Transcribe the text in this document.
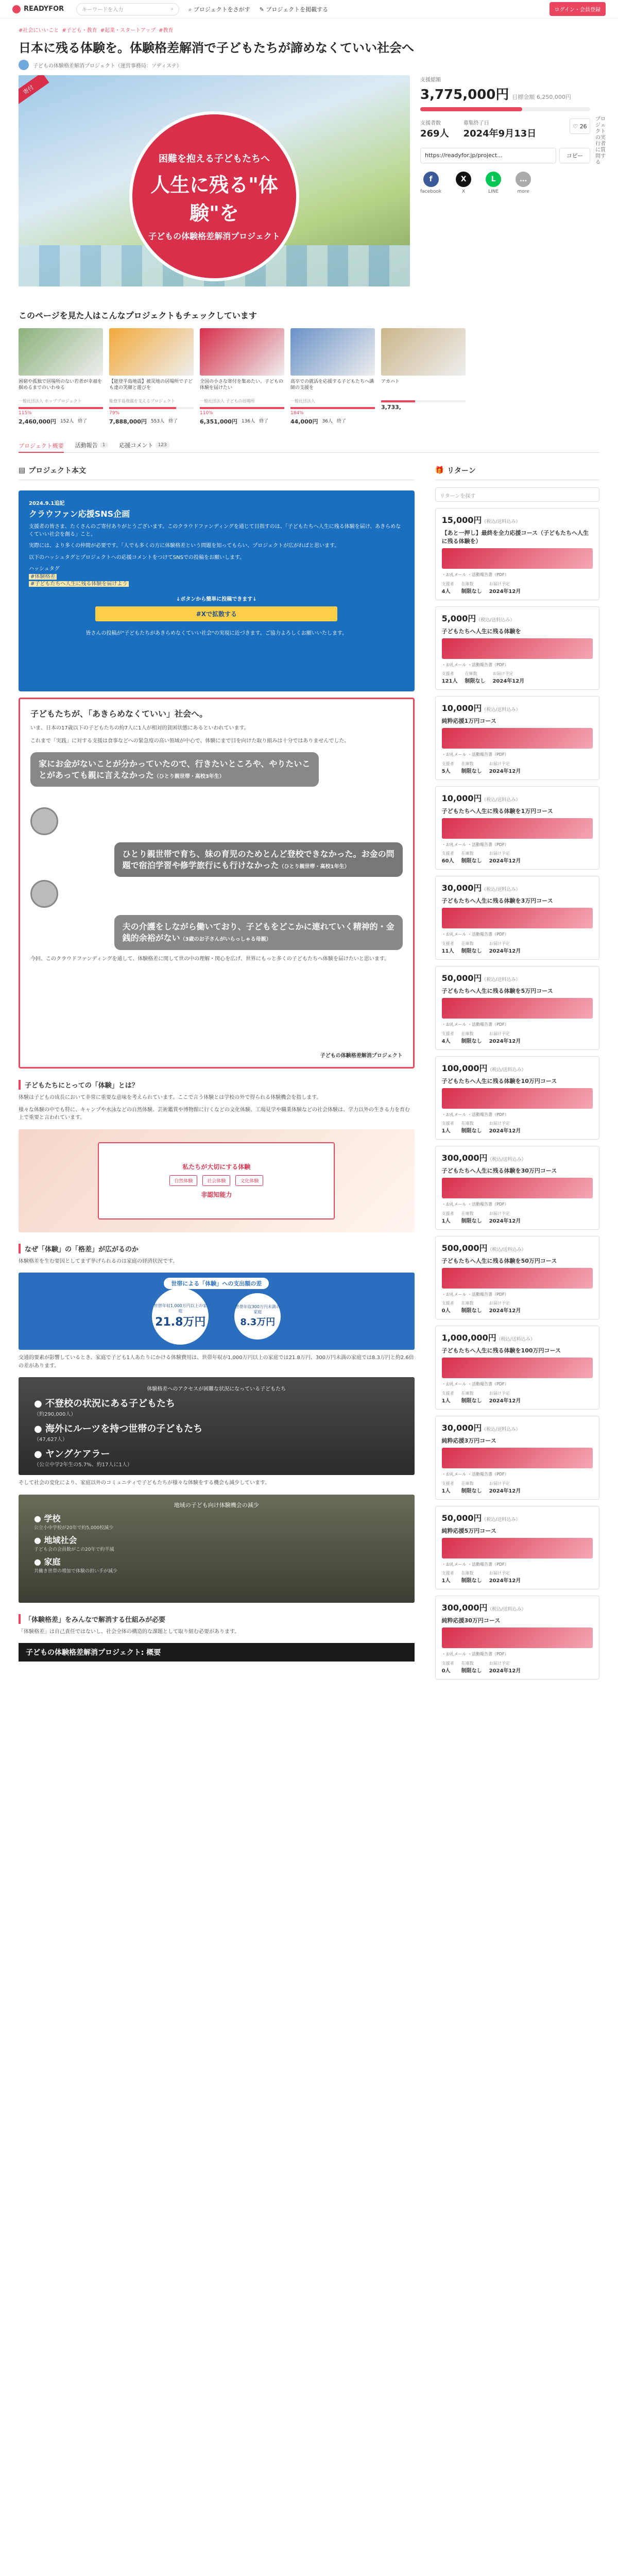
READYFOR	キーワードを入力	⌕	⌕ プロジェクトをさがす ✎ プロジェクトを掲載する	ログイン・会員登録
#社会にいいこと #子ども・教育 #起業・スタートアップ #教育
日本に残る体験を。体験格差解消で子どもたちが諦めなくていい社会へ
子どもの体験格差解消プロジェクト（運営事務局：ソディステ）
寄付
困難を抱える子どもたちへ
人生に残る"体験"を
子どもの体験格差解消プロジェクト
支援総額
3,775,000円 目標金額 6,250,000円
支援者数
269人
募集終了日
2024年9月13日
♡
26
https://readyfor.jp/project...	コピー
f
facebook
X
X
L
LINE
…
more
プロジェクトの実行者に質問する
このページを見た人はこんなプロジェクトもチェックしています
困窮や孤独で居場所のない若者が幸福を掴めるまでのいわゆる
一般社団法人 ホッププロジェクト
115%
2,460,000円 152人 終了
【能登半島地震】被災地の居場所で子ども達の笑顔と遊びを
能登半島地震を支えるプロジェクト
79%
7,888,000円 553人 終了
全国の小さな寄付を集めたい。子どもの体験を届けたい
一般社団法人 子どもの居場所
110%
6,351,000円 136人 終了
高卒での就活を応援する子どもたちへ講師の支援を
一般社団法人
184%
44,000円 36人 終了
アカハト
3,733,
プロジェクト概要 活動報告	1	応援コメント	123
▤ プロジェクト本文
2024.9.1追記
クラウファン応援SNS企画

支援者の皆さま、たくさんのご寄付ありがとうございます。このクラウドファンディングを通じて目指すのは、「子どもたちへ人生に残る体験を届け、あきらめなくていい社会を創る」こと。

実際には、より多くの仲間が必要です。「人でも多くの方に体験格差という問題を知ってもらい、プロジェクトが広がればと思います。

以下のハッシュタグとプロジェクトへの応援コメントをつけてSNSでの投稿をお願いします。

ハッシュタグ
#体験格差
#子どもたちへ人生に残る体験を届けよう

↓ボタンから簡単に投稿できます↓
#Xで拡散する
皆さんの投稿が"子どもたちがあきらめなくていい社会"の実現に近づきます。ご協力よろしくお願いいたします。
子どもたちが、「あきらめなくていい」社会へ。
いま、日本の17歳以下の子どもたちの約7人に1人が相対的貧困状態にあるといわれています。
これまで「実践」に対する支援は食事などへの緊急度の高い領域が中心で、体験にまで目を向けた取り組みは十分ではありませんでした。
家にお金がないことが分かっていたので、行きたいところや、やりたいことがあっても親に言えなかった（ひとり親世帯・高校3年生）
ひとり親世帯で育ち、妹の育児のためとんど登校できなかった。お金の問題で宿泊学習や修学旅行にも行けなかった（ひとり親世帯・高校1年生）
夫の介護をしながら働いており、子どもをどこかに連れていく精神的・金銭的余裕がない（3歳のお子さんがいらっしゃる母親）
今回、このクラウドファンディングを通して、体験格差に関して世の中の理解・関心を広げ、世界にもっと多くの子どもたちへ体験を届けたいと思います。
子どもの体験格差解消プロジェクト
子どもたちにとっての「体験」とは？
体験は子どもの成長において非常に重要な意味を考えられています。ここで言う体験とは学校の外で得られる体験機会を指します。
様々な体験の中でも特に、キャンプや水泳などの自然体験、芸術鑑賞や博物館に行くなどの文化体験、工場見学や職業体験などの社会体験は、学力以外の生きる力を育む上で重要と言われています。
私たちが大切にする体験
自然体験	社会体験	文化体験
非認知能力
なぜ「体験」の「格差」が広がるのか
体験格差を生む要因としてまず挙げられるのは家庭の経済状況です。
世帯による「体験」への支出額の差
世帯年収1,000万円以上の家庭
21.8万円
世帯年収300万円未満の家庭
8.3万円
交通的要素が影響しているとき、家庭で子ども1人あたりにかける体験費用は、世帯年収が1,000万円以上の家庭では21.8万円、300万円未満の家庭では8.3万円と約2.6倍の差があります。
体験格差へのアクセスが困難な状況になっている子どもたち
● 不登校の状況にある子どもたち
（約290,000人）
● 海外にルーツを持つ世帯の子どもたち
（47,627人）
● ヤングケアラー
（公立中学2年生の5.7%、約17人に1人）
そして社会の変化により、家庭以外のコミュニティで子どもたちが様々な体験をする機会も減少しています。
地域の子ども向け体験機会の減少
● 学校
公立小中学校が20年で約5,000校減少
● 地域社会
子ども会の会員数がこの20年で約半減
● 家庭
共働き世帯の増加で体験の担い手が減少
「体験格差」をみんなで解消する仕組みが必要
「体験格差」は自己責任ではないし、社会全体の構造的な課題として取り組む必要があります。
子どもの体験格差解消プロジェクト: 概要
🎁 リターン
リターンを探す
15,000円（税込/送料込み）
【あと一押し】最終を全力応援コース（子どもたちへ人生に残る体験を）
・お礼メール ・活動報告書（PDF）
支援者
4人
在庫数
制限なし
お届け予定
2024年12月
5,000円（税込/送料込み）
子どもたちへ人生に残る体験を
・お礼メール ・活動報告書（PDF）
支援者
121人
在庫数
制限なし
お届け予定
2024年12月
10,000円（税込/送料込み）
純粋応援1万円コース
・お礼メール ・活動報告書（PDF）
支援者
5人
在庫数
制限なし
お届け予定
2024年12月
10,000円（税込/送料込み）
子どもたちへ人生に残る体験を1万円コース
・お礼メール ・活動報告書（PDF）
支援者
60人
在庫数
制限なし
お届け予定
2024年12月
30,000円（税込/送料込み）
子どもたちへ人生に残る体験を3万円コース
・お礼メール ・活動報告書（PDF）
支援者
11人
在庫数
制限なし
お届け予定
2024年12月
50,000円（税込/送料込み）
子どもたちへ人生に残る体験を5万円コース
・お礼メール ・活動報告書（PDF）
支援者
4人
在庫数
制限なし
お届け予定
2024年12月
100,000円（税込/送料込み）
子どもたちへ人生に残る体験を10万円コース
・お礼メール ・活動報告書（PDF）
支援者
1人
在庫数
制限なし
お届け予定
2024年12月
300,000円（税込/送料込み）
子どもたちへ人生に残る体験を30万円コース
・お礼メール ・活動報告書（PDF）
支援者
1人
在庫数
制限なし
お届け予定
2024年12月
500,000円（税込/送料込み）
子どもたちへ人生に残る体験を50万円コース
・お礼メール ・活動報告書（PDF）
支援者
0人
在庫数
制限なし
お届け予定
2024年12月
1,000,000円（税込/送料込み）
子どもたちへ人生に残る体験を100万円コース
・お礼メール ・活動報告書（PDF）
支援者
1人
在庫数
制限なし
お届け予定
2024年12月
30,000円（税込/送料込み）
純粋応援3万円コース
・お礼メール ・活動報告書（PDF）
支援者
1人
在庫数
制限なし
お届け予定
2024年12月
50,000円（税込/送料込み）
純粋応援5万円コース
・お礼メール ・活動報告書（PDF）
支援者
1人
在庫数
制限なし
お届け予定
2024年12月
300,000円（税込/送料込み）
純粋応援30万円コース
・お礼メール ・活動報告書（PDF）
支援者
0人
在庫数
制限なし
お届け予定
2024年12月
